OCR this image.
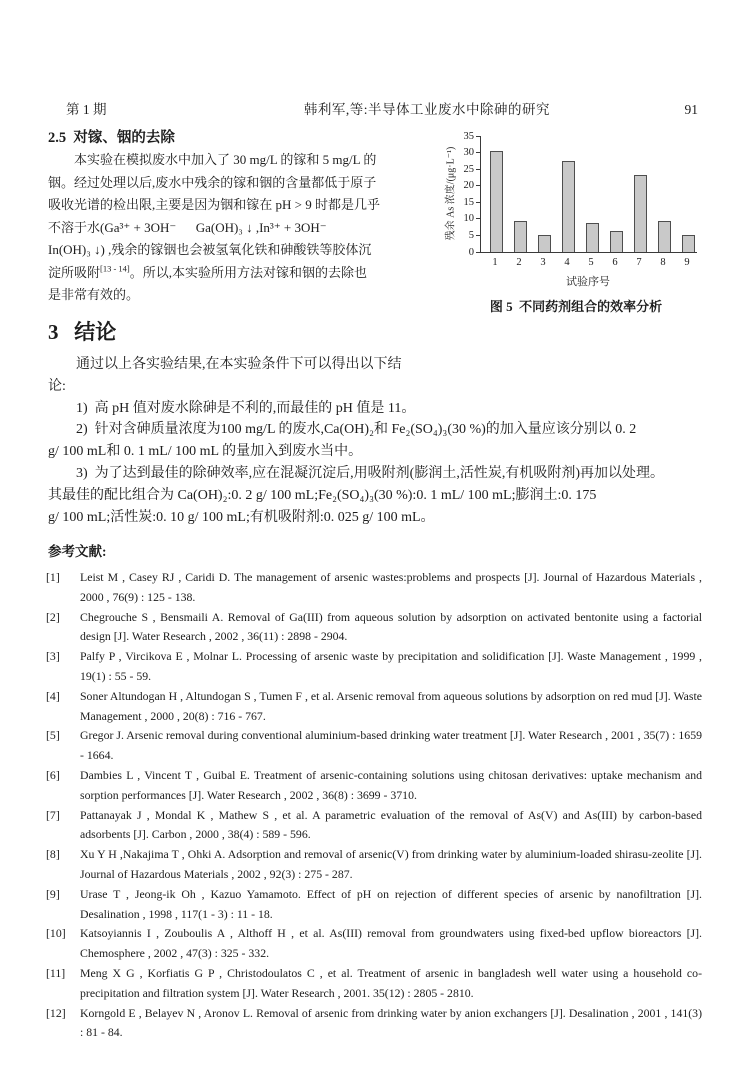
第 1 期	韩利军,等:半导体工业废水中除砷的研究	91
2.5  对镓、铟的去除
本实验在模拟废水中加入了 30 mg/L 的镓和 5 mg/L 的
铟。经过处理以后,废水中残余的镓和铟的含量都低于原子
吸收光谱的检出限,主要是因为铟和镓在 pH > 9 时都是几乎
不溶于水(Ga³⁺ + 3OH⁻      Ga(OH)₃ ↓ ,In³⁺ + 3OH⁻
In(OH)₃ ↓) ,残余的镓铟也会被氢氧化铁和砷酸铁等胶体沉
淀所吸附[13 - 14]。所以,本实验所用方法对镓和铟的去除也
是非常有效的。
残余 As 浓度/(μg·L⁻¹)
试验序号
图 5  不同药剂组合的效率分析
0
5
10
15
20
25
30
35
1	2	3	4	5	6	7	8	9
3   结论
通过以上各实验结果,在本实验条件下可以得出以下结
论:
1)  高 pH 值对废水除砷是不利的,而最佳的 pH 值是 11。
2)  针对含砷质量浓度为100 mg/L 的废水,Ca(OH)₂和 Fe₂(SO₄)₃(30 %)的加入量应该分别以 0. 2
g/ 100 mL和 0. 1 mL/ 100 mL 的量加入到废水当中。
3)  为了达到最佳的除砷效率,应在混凝沉淀后,用吸附剂(膨润土,活性炭,有机吸附剂)再加以处理。
其最佳的配比组合为 Ca(OH)₂:0. 2 g/ 100 mL;Fe₂(SO₄)₃(30 %):0. 1 mL/ 100 mL;膨润土:0. 175
g/ 100 mL;活性炭:0. 10 g/ 100 mL;有机吸附剂:0. 025 g/ 100 mL。
参考文献:
[1]	Leist M , Casey RJ , Caridi D. The management of arsenic wastes:problems and prospects [J]. Journal of Hazardous Materials , 2000 , 76(9) : 125 - 138.
[2]	Chegrouche S , Bensmaili A. Removal of Ga(III) from aqueous solution by adsorption on activated bentonite using a factorial design [J]. Water Research , 2002 , 36(11) : 2898 - 2904.
[3]	Palfy P , Vircikova E , Molnar L. Processing of arsenic waste by precipitation and solidification [J]. Waste Management , 1999 , 19(1) : 55 - 59.
[4]	Soner Altundogan H , Altundogan S , Tumen F , et al. Arsenic removal from aqueous solutions by adsorption on red mud [J]. Waste Management , 2000 , 20(8) : 716 - 767.
[5]	Gregor J. Arsenic removal during conventional aluminium-based drinking water treatment [J]. Water Research , 2001 , 35(7) : 1659 - 1664.
[6]	Dambies L , Vincent T , Guibal E. Treatment of arsenic-containing solutions using chitosan derivatives: uptake mechanism and sorption performances [J]. Water Research , 2002 , 36(8) : 3699 - 3710.
[7]	Pattanayak J , Mondal K , Mathew S , et al. A parametric evaluation of the removal of As(V) and As(III) by carbon-based adsorbents [J]. Carbon , 2000 , 38(4) : 589 - 596.
[8]	Xu Y H ,Nakajima T , Ohki A. Adsorption and removal of arsenic(V) from drinking water by aluminium-loaded shirasu-zeolite [J]. Journal of Hazardous Materials , 2002 , 92(3) : 275 - 287.
[9]	Urase T , Jeong-ik Oh , Kazuo Yamamoto. Effect of pH on rejection of different species of arsenic by nanofiltration [J]. Desalination , 1998 , 117(1 - 3) : 11 - 18.
[10]	Katsoyiannis I , Zouboulis A , Althoff H , et al. As(III) removal from groundwaters using fixed-bed upflow bioreactors [J]. Chemosphere , 2002 , 47(3) : 325 - 332.
[11]	Meng X G , Korfiatis G P , Christodoulatos C , et al. Treatment of arsenic in bangladesh well water using a household co-precipitation and filtration system [J]. Water Research , 2001. 35(12) : 2805 - 2810.
[12]	Korngold E , Belayev N , Aronov L. Removal of arsenic from drinking water by anion exchangers [J]. Desalination , 2001 , 141(3) : 81 - 84.
